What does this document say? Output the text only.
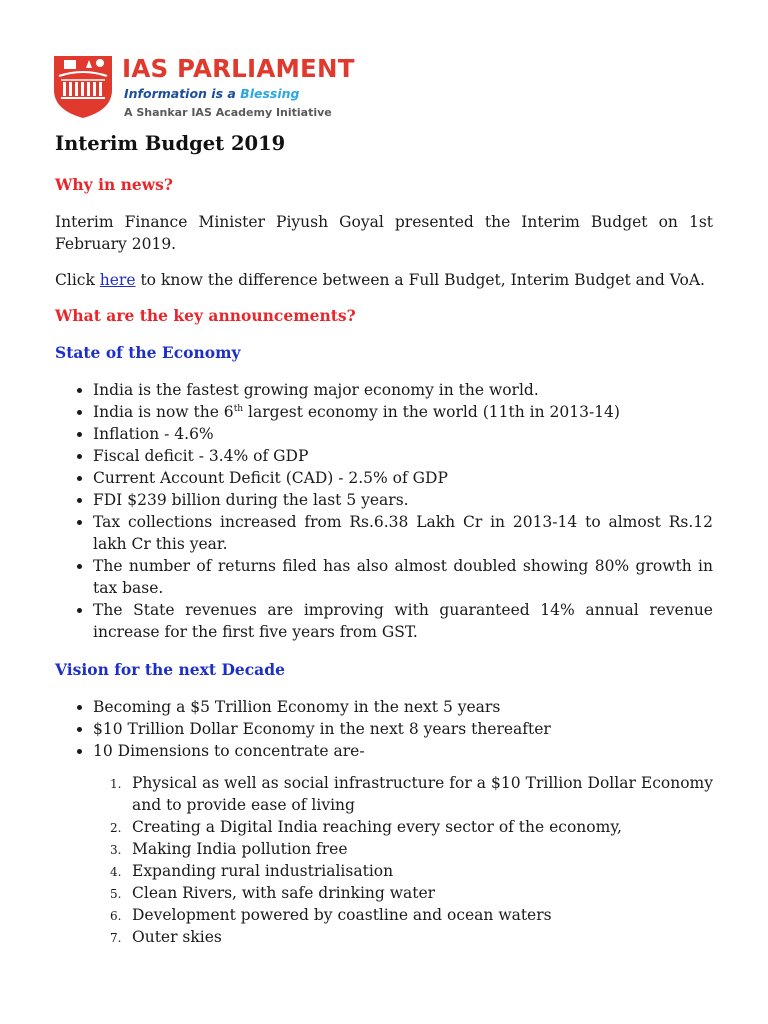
IAS PARLIAMENT
Information is a Blessing
A Shankar IAS Academy Initiative
Interim Budget 2019
Why in news?

Interim Finance Minister Piyush Goyal presented the Interim Budget on 1st February 2019.

Click here to know the difference between a Full Budget, Interim Budget and VoA.

What are the key announcements?
State of the Economy
• India is the fastest growing major economy in the world.
• India is now the 6th largest economy in the world (11th in 2013-14)
• Inflation - 4.6%
• Fiscal deficit - 3.4% of GDP
• Current Account Deficit (CAD) - 2.5% of GDP
• FDI $239 billion during the last 5 years.
• Tax collections increased from Rs.6.38 Lakh Cr in 2013-14 to almost Rs.12 lakh Cr this year.
• The number of returns filed has also almost doubled showing 80% growth in tax base.
• The State revenues are improving with guaranteed 14% annual revenue increase for the first five years from GST.
Vision for the next Decade
• Becoming a $5 Trillion Economy in the next 5 years
• $10 Trillion Dollar Economy in the next 8 years thereafter
• 10 Dimensions to concentrate are-
1. Physical as well as social infrastructure for a $10 Trillion Dollar Economy and to provide ease of living
2. Creating a Digital India reaching every sector of the economy,
3. Making India pollution free
4. Expanding rural industrialisation
5. Clean Rivers, with safe drinking water
6. Development powered by coastline and ocean waters
7. Outer skies
